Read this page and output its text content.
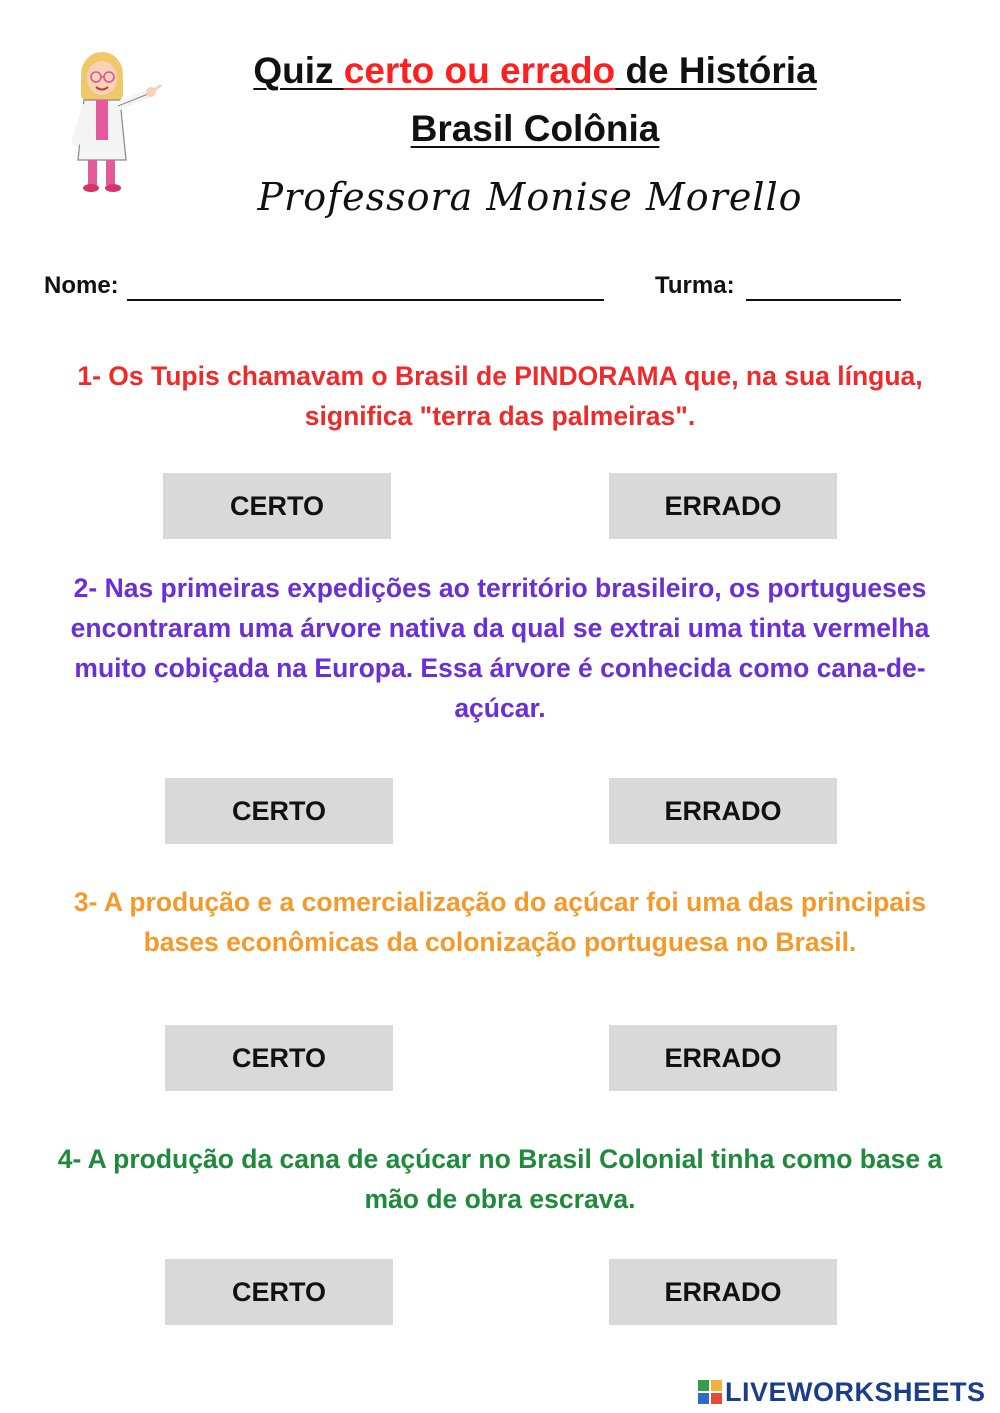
Quiz certo ou errado de História
Brasil Colônia
Professora Monise Morello
Nome:	Turma:
1- Os Tupis chamavam o Brasil de PINDORAMA que, na sua língua, significa "terra das palmeiras".
CERTO	ERRADO
2- Nas primeiras expedições ao território brasileiro, os portugueses encontraram uma árvore nativa da qual se extrai uma tinta vermelha muito cobiçada na Europa. Essa árvore é conhecida como cana-de-açúcar.
CERTO	ERRADO
3- A produção e a comercialização do açúcar foi uma das principais bases econômicas da colonização portuguesa no Brasil.
CERTO	ERRADO
4- A produção da cana de açúcar no Brasil Colonial tinha como base a mão de obra escrava.
CERTO	ERRADO
LIVEWORKSHEETS
